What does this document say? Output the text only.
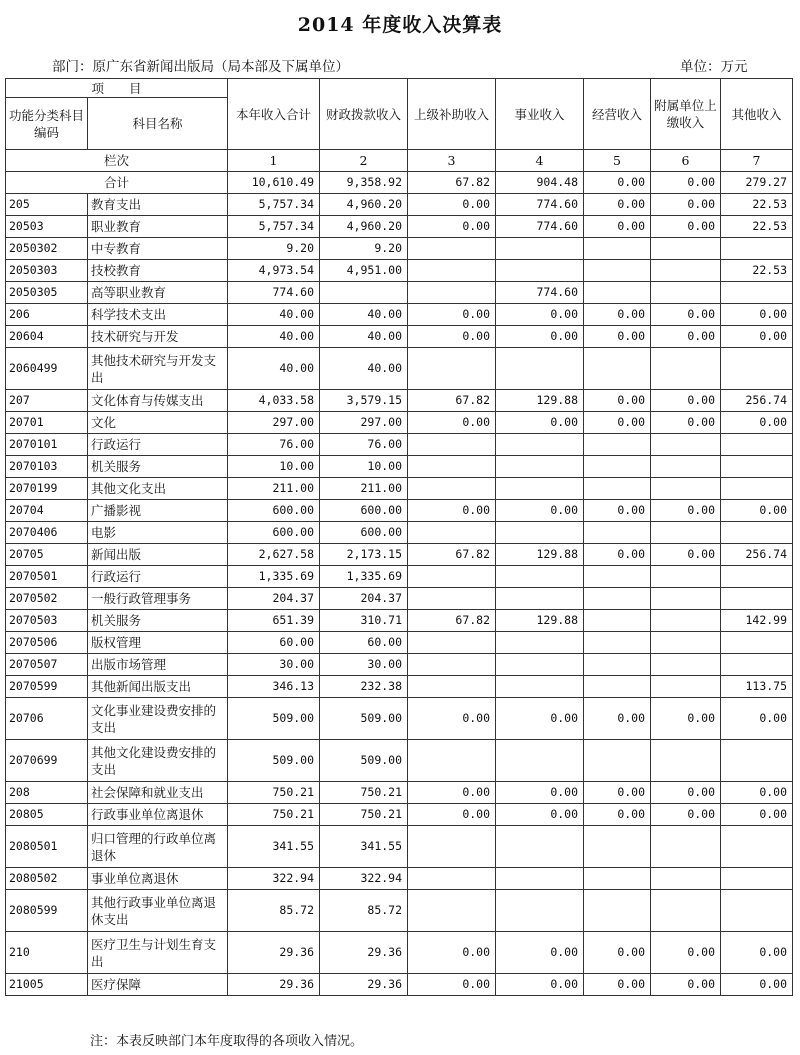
2014 年度收入决算表
部门：原广东省新闻出版局（局本部及下属单位）	单位：万元
项　　目		本年收入合计	财政拨款收入	上级补助收入	事业收入	经营收入	附属单位上缴收入	其他收入
功能分类科目编码	科目名称							
栏次		1	2	3	4	5	6	7
合计		10,610.49	9,358.92	67.82	904.48	0.00	0.00	279.27
205	教育支出	5,757.34	4,960.20	0.00	774.60	0.00	0.00	22.53
20503	职业教育	5,757.34	4,960.20	0.00	774.60	0.00	0.00	22.53
2050302	中专教育	9.20	9.20					
2050303	技校教育	4,973.54	4,951.00					22.53
2050305	高等职业教育	774.60			774.60			
206	科学技术支出	40.00	40.00	0.00	0.00	0.00	0.00	0.00
20604	技术研究与开发	40.00	40.00	0.00	0.00	0.00	0.00	0.00
2060499	其他技术研究与开发支出	40.00	40.00					
207	文化体育与传媒支出	4,033.58	3,579.15	67.82	129.88	0.00	0.00	256.74
20701	文化	297.00	297.00	0.00	0.00	0.00	0.00	0.00
2070101	行政运行	76.00	76.00					
2070103	机关服务	10.00	10.00					
2070199	其他文化支出	211.00	211.00					
20704	广播影视	600.00	600.00	0.00	0.00	0.00	0.00	0.00
2070406	电影	600.00	600.00					
20705	新闻出版	2,627.58	2,173.15	67.82	129.88	0.00	0.00	256.74
2070501	行政运行	1,335.69	1,335.69					
2070502	一般行政管理事务	204.37	204.37					
2070503	机关服务	651.39	310.71	67.82	129.88			142.99
2070506	版权管理	60.00	60.00					
2070507	出版市场管理	30.00	30.00					
2070599	其他新闻出版支出	346.13	232.38					113.75
20706	文化事业建设费安排的支出	509.00	509.00	0.00	0.00	0.00	0.00	0.00
2070699	其他文化建设费安排的支出	509.00	509.00					
208	社会保障和就业支出	750.21	750.21	0.00	0.00	0.00	0.00	0.00
20805	行政事业单位离退休	750.21	750.21	0.00	0.00	0.00	0.00	0.00
2080501	归口管理的行政单位离退休	341.55	341.55					
2080502	事业单位离退休	322.94	322.94					
2080599	其他行政事业单位离退休支出	85.72	85.72					
210	医疗卫生与计划生育支出	29.36	29.36	0.00	0.00	0.00	0.00	0.00
21005	医疗保障	29.36	29.36	0.00	0.00	0.00	0.00	0.00
注：本表反映部门本年度取得的各项收入情况。
